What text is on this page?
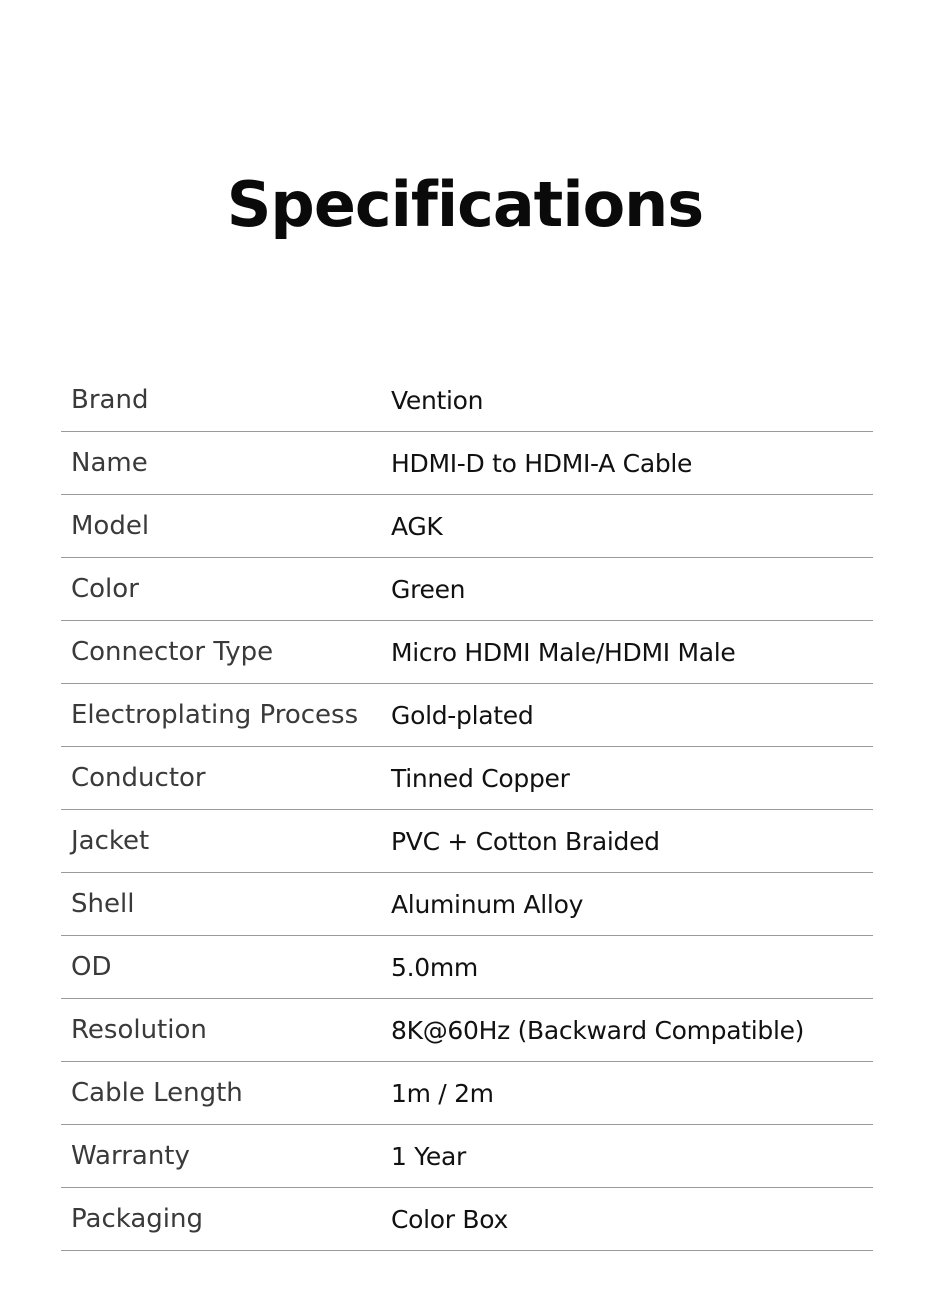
Specifications
Brand	Vention
Name	HDMI-D to HDMI-A Cable
Model	AGK
Color	Green
Connector Type	Micro HDMI Male/HDMI Male
Electroplating Process	Gold-plated
Conductor	Tinned Copper
Jacket	PVC + Cotton Braided
Shell	Aluminum Alloy
OD	5.0mm
Resolution	8K@60Hz (Backward Compatible)
Cable Length	1m / 2m
Warranty	1 Year
Packaging	Color Box
